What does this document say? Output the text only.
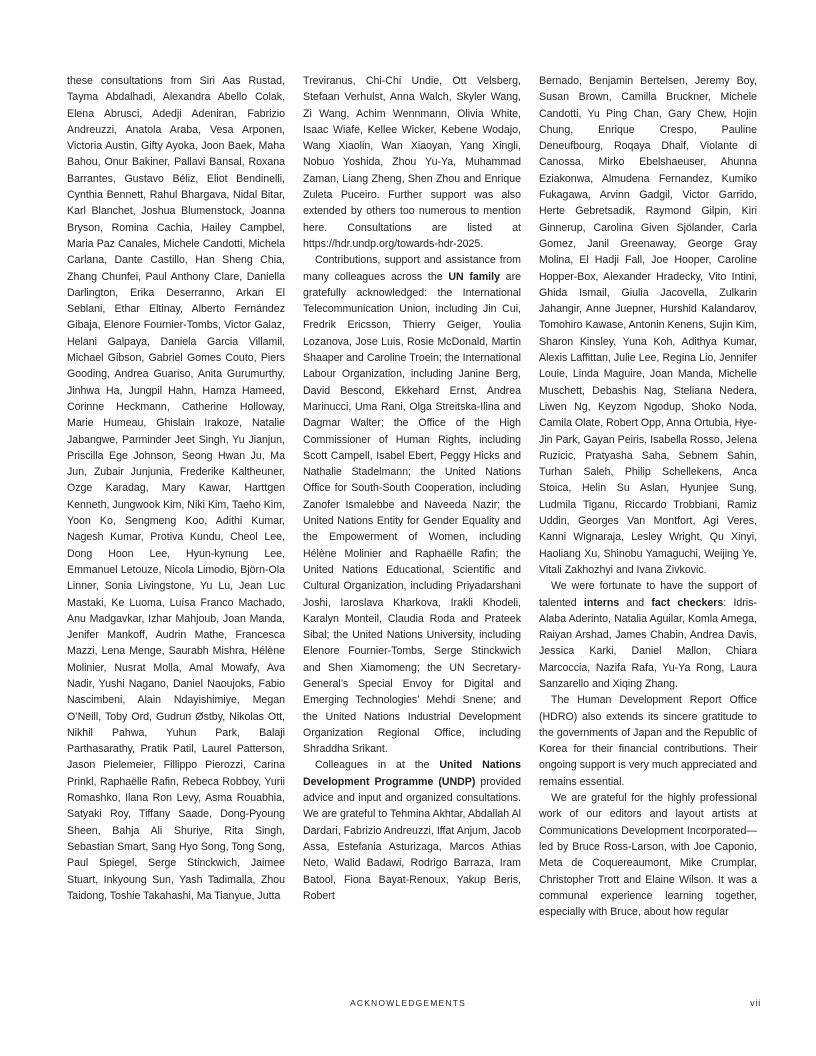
these consultations from Siri Aas Rustad, Tayma Abdalhadi, Alexandra Abello Colak, Elena Abrusci, Adedji Adeniran, Fabrizio Andreuzzi, Anatola Araba, Vesa Arponen, Victoria Austin, Gifty Ayoka, Joon Baek, Maha Bahou, Onur Bakiner, Pallavi Bansal, Roxana Barrantes, Gustavo Béliz, Eliot Bendinelli, Cynthia Bennett, Rahul Bhargava, Nidal Bitar, Karl Blanchet, Joshua Blumenstock, Joanna Bryson, Romina Cachia, Hailey Campbel, Maria Paz Canales, Michele Candotti, Michela Carlana, Dante Castillo, Han Sheng Chia, Zhang Chunfei, Paul Anthony Clare, Daniella Darlington, Erika Deserranno, Arkan El Seblani, Ethar Eltinay, Alberto Fernández Gibaja, Elenore Fournier-Tombs, Victor Galaz, Helani Galpaya, Daniela Garcia Villamil, Michael Gibson, Gabriel Gomes Couto, Piers Gooding, Andrea Guariso, Anita Gurumurthy, Jinhwa Ha, Jungpil Hahn, Hamza Hameed, Corinne Heckmann, Catherine Holloway, Marie Humeau, Ghislain Irakoze, Natalie Jabangwe, Parminder Jeet Singh, Yu Jianjun, Priscilla Ege Johnson, Seong Hwan Ju, Ma Jun, Zubair Junjunia, Frederike Kaltheuner, Ozge Karadag, Mary Kawar, Harttgen Kenneth, Jungwook Kim, Niki Kim, Taeho Kim, Yoon Ko, Sengmeng Koo, Adithi Kumar, Nagesh Kumar, Protiva Kundu, Cheol Lee, Dong Hoon Lee, Hyun-kynung Lee, Emmanuel Letouze, Nicola Limodio, Björn-Ola Linner, Sonia Livingstone, Yu Lu, Jean Luc Mastaki, Ke Luoma, Luísa Franco Machado, Anu Madgavkar, Izhar Mahjoub, Joan Manda, Jenifer Mankoff, Audrin Mathe, Francesca Mazzi, Lena Menge, Saurabh Mishra, Hélène Molinier, Nusrat Molla, Amal Mowafy, Ava Nadir, Yushi Nagano, Daniel Naoujoks, Fabio Nascimbeni, Alain Ndayishimiye, Megan O’Neill, Toby Ord, Gudrun Østby, Nikolas Ott, Nikhil Pahwa, Yuhun Park, Balaji Parthasarathy, Pratik Patil, Laurel Patterson, Jason Pielemeier, Fillippo Pierozzi, Carina Prinkl, Raphaëlle Rafin, Rebeca Robboy, Yurii Romashko, Ilana Ron Levy, Asma Rouabhia, Satyaki Roy, Tiffany Saade, Dong-Pyoung Sheen, Bahja Ali Shuriye, Rita Singh, Sebastian Smart, Sang Hyo Song, Tong Song, Paul Spiegel, Serge Stinckwich, Jaimee Stuart, Inkyoung Sun, Yash Tadimalla, Zhou Taidong, Toshie Takahashi, Ma Tianyue, Jutta

Treviranus, Chi-Chi Undie, Ott Velsberg, Stefaan Verhulst, Anna Walch, Skyler Wang, Zi Wang, Achim Wennmann, Olivia White, Isaac Wiafe, Kellee Wicker, Kebene Wodajo, Wang Xiaolin, Wan Xiaoyan, Yang Xingli, Nobuo Yoshida, Zhou Yu-Ya, Muhammad Zaman, Liang Zheng, Shen Zhou and Enrique Zuleta Puceiro. Further support was also extended by others too numerous to mention here. Consultations are listed at https://hdr.undp.org/towards-hdr-2025.

Contributions, support and assistance from many colleagues across the UN family are gratefully acknowledged: the International Telecommunication Union, including Jin Cui, Fredrik Ericsson, Thierry Geiger, Youlia Lozanova, Jose Luis, Rosie McDonald, Martin Shaaper and Caroline Troein; the International Labour Organization, including Janine Berg, David Bescond, Ekkehard Ernst, Andrea Marinucci, Uma Rani, Olga Streitska-Ilina and Dagmar Walter; the Office of the High Commissioner of Human Rights, including Scott Campell, Isabel Ebert, Peggy Hicks and Nathalie Stadelmann; the United Nations Office for South-South Cooperation, including Zanofer Ismalebbe and Naveeda Nazir; the United Nations Entity for Gender Equality and the Empowerment of Women, including Hélène Molinier and Raphaëlle Rafin; the United Nations Educational, Scientific and Cultural Organization, including Priyadarshani Joshi, Iaroslava Kharkova, Irakli Khodeli, Karalyn Monteil, Claudia Roda and Prateek Sibal; the United Nations University, including Elenore Fournier-Tombs, Serge Stinckwich and Shen Xiamomeng; the UN Secretary-General’s Special Envoy for Digital and Emerging Technologies’ Mehdi Snene; and the United Nations Industrial Development Organization Regional Office, including Shraddha Srikant.

Colleagues in at the United Nations Development Programme (UNDP) provided advice and input and organized consultations. We are grateful to Tehmina Akhtar, Abdallah Al Dardari, Fabrizio Andreuzzi, Iffat Anjum, Jacob Assa, Estefania Asturizaga, Marcos Athias Neto, Walid Badawi, Rodrigo Barraza, Iram Batool, Fiona Bayat-Renoux, Yakup Beris, Robert

Bernado, Benjamin Bertelsen, Jeremy Boy, Susan Brown, Camilla Bruckner, Michele Candotti, Yu Ping Chan, Gary Chew, Hojin Chung, Enrique Crespo, Pauline Deneufbourg, Roqaya Dhaif, Violante di Canossa, Mirko Ebelshaeuser, Ahunna Eziakonwa, Almudena Fernandez, Kumiko Fukagawa, Arvinn Gadgil, Victor Garrido, Herte Gebretsadik, Raymond Gilpin, Kiri Ginnerup, Carolina Given Sjölander, Carla Gomez, Janil Greenaway, George Gray Molina, El Hadji Fall, Joe Hooper, Caroline Hopper-Box, Alexander Hradecky, Vito Intini, Ghida Ismail, Giulia Jacovella, Zulkarin Jahangir, Anne Juepner, Hurshid Kalandarov, Tomohiro Kawase, Antonin Kenens, Sujin Kim, Sharon Kinsley, Yuna Koh, Adithya Kumar, Alexis Laffittan, Julie Lee, Regina Lio, Jennifer Louie, Linda Maguire, Joan Manda, Michelle Muschett, Debashis Nag, Steliana Nedera, Liwen Ng, Keyzom Ngodup, Shoko Noda, Camila Olate, Robert Opp, Anna Ortubia, Hye-Jin Park, Gayan Peiris, Isabella Rosso, Jelena Ruzicic, Pratyasha Saha, Sebnem Sahin, Turhan Saleh, Philip Schellekens, Anca Stoica, Helin Su Aslan, Hyunjee Sung, Ludmila Tiganu, Riccardo Trobbiani, Ramiz Uddin, Georges Van Montfort, Agi Veres, Kanni Wignaraja, Lesley Wright, Qu Xinyi, Haoliang Xu, Shinobu Yamaguchi, Weijing Ye, Vitali Zakhozhyi and Ivana Zivkovic.

We were fortunate to have the support of talented interns and fact checkers: Idris-Alaba Aderinto, Natalia Aguilar, Komla Amega, Raiyan Arshad, James Chabin, Andrea Davis, Jessica Karki, Daniel Mallon, Chiara Marcoccia, Nazifa Rafa, Yu-Ya Rong, Laura Sanzarello and Xiqing Zhang.

The Human Development Report Office (HDRO) also extends its sincere gratitude to the governments of Japan and the Republic of Korea for their financial contributions. Their ongoing support is very much appreciated and remains essential.

We are grateful for the highly professional work of our editors and layout artists at Communications Development Incorporated—led by Bruce Ross-Larson, with Joe Caponio, Meta de Coquereaumont, Mike Crumplar, Christopher Trott and Elaine Wilson. It was a communal experience learning together, especially with Bruce, about how regular

ACKNOWLEDGEMENTS	vii
